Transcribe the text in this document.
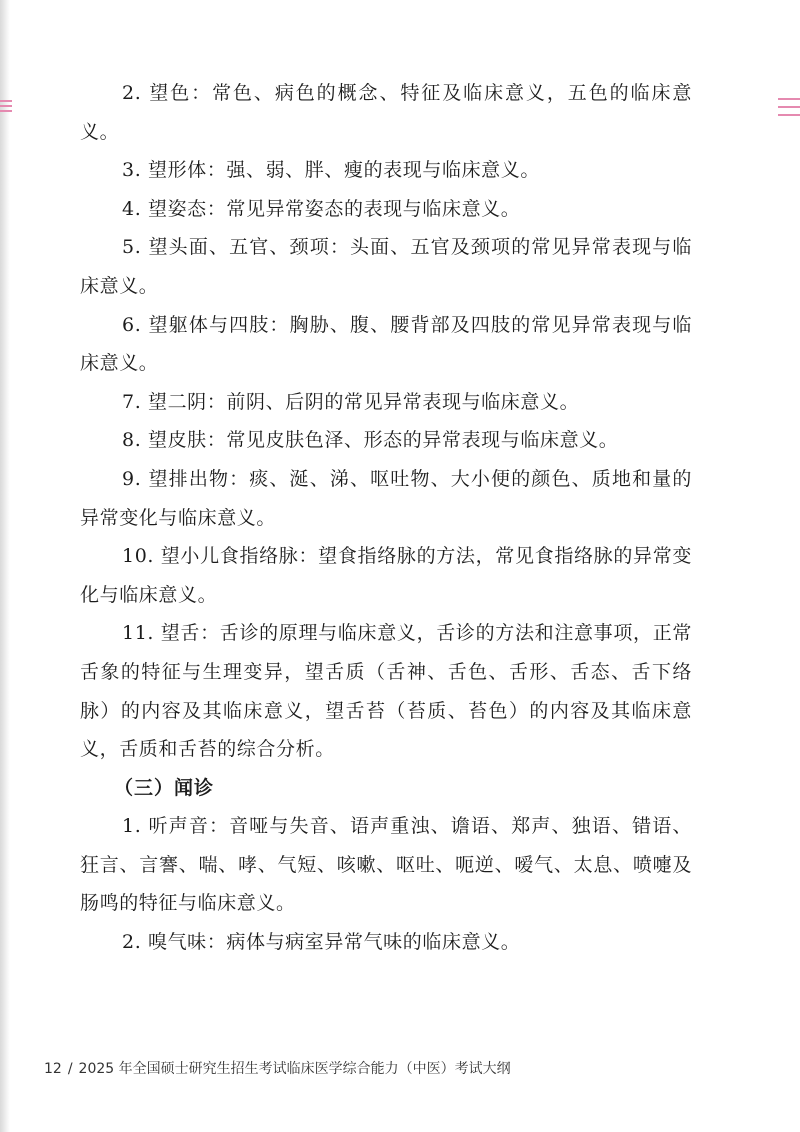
2. 望色：常色、病色的概念、特征及临床意义，五色的临床意义。

3. 望形体：强、弱、胖、瘦的表现与临床意义。

4. 望姿态：常见异常姿态的表现与临床意义。

5. 望头面、五官、颈项：头面、五官及颈项的常见异常表现与临床意义。

6. 望躯体与四肢：胸胁、腹、腰背部及四肢的常见异常表现与临床意义。

7. 望二阴：前阴、后阴的常见异常表现与临床意义。

8. 望皮肤：常见皮肤色泽、形态的异常表现与临床意义。

9. 望排出物：痰、涎、涕、呕吐物、大小便的颜色、质地和量的异常变化与临床意义。

10. 望小儿食指络脉：望食指络脉的方法，常见食指络脉的异常变化与临床意义。

11. 望舌：舌诊的原理与临床意义，舌诊的方法和注意事项，正常舌象的特征与生理变异，望舌质（舌神、舌色、舌形、舌态、舌下络脉）的内容及其临床意义，望舌苔（苔质、苔色）的内容及其临床意义，舌质和舌苔的综合分析。

（三）闻诊

1. 听声音：音哑与失音、语声重浊、谵语、郑声、独语、错语、狂言、言謇、喘、哮、气短、咳嗽、呕吐、呃逆、嗳气、太息、喷嚏及肠鸣的特征与临床意义。

2. 嗅气味：病体与病室异常气味的临床意义。

12 / 2025 年全国硕士研究生招生考试临床医学综合能力（中医）考试大纲
